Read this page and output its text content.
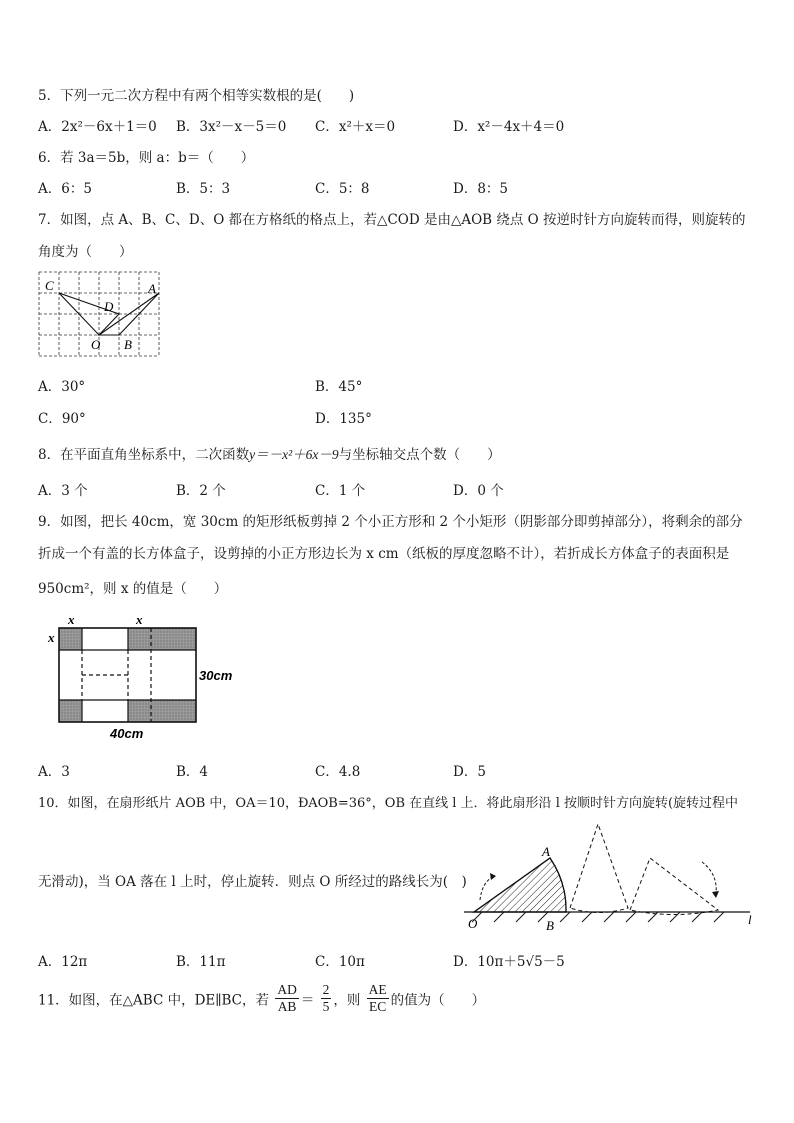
5．下列一元二次方程中有两个相等实数根的是(　　)
A．2x²－6x＋1＝0 B．3x²－x－5＝0 C．x²＋x＝0	D．x²－4x＋4＝0
6．若 3a＝5b，则 a：b＝（　　）
A．6：5	B．5：3	C．5：8	D．8：5
7．如图，点 A、B、C、D、O 都在方格纸的格点上，若△COD 是由△AOB 绕点 O 按逆时针方向旋转而得，则旋转的
角度为（　　）
C
D
A
O B
A．30°	B．45°
C．90°	D．135°
8．在平面直角坐标系中，二次函数y＝－x²＋6x－9与坐标轴交点个数（　　）
A．3 个	B．2 个	C．1 个	D．0 个
9．如图，把长 40cm，宽 30cm 的矩形纸板剪掉 2 个小正方形和 2 个小矩形（阴影部分即剪掉部分），将剩余的部分
折成一个有盖的长方体盒子，设剪掉的小正方形边长为 x cm（纸板的厚度忽略不计），若折成长方体盒子的表面积是
950cm²，则 x 的值是（　　）
x	x
x
30cm
40cm
A．3	B．4	C．4.8	D．5
10．如图，在扇形纸片 AOB 中，OA＝10，ÐAOB=36°，OB 在直线 l 上．将此扇形沿 l 按顺时针方向旋转(旋转过程中
无滑动)，当 OA 落在 l 上时，停止旋转．则点 O 所经过的路线长为(　)
A
O	B	l
A．12π	B．11π	C．10π	D．10π＋5√5－5
11．如图，在△ABC 中，DE∥BC，若 $\frac{AD}{AB} = \frac{2}{5}$ ，则 $\frac{AE}{EC}$ 的值为（　　）
